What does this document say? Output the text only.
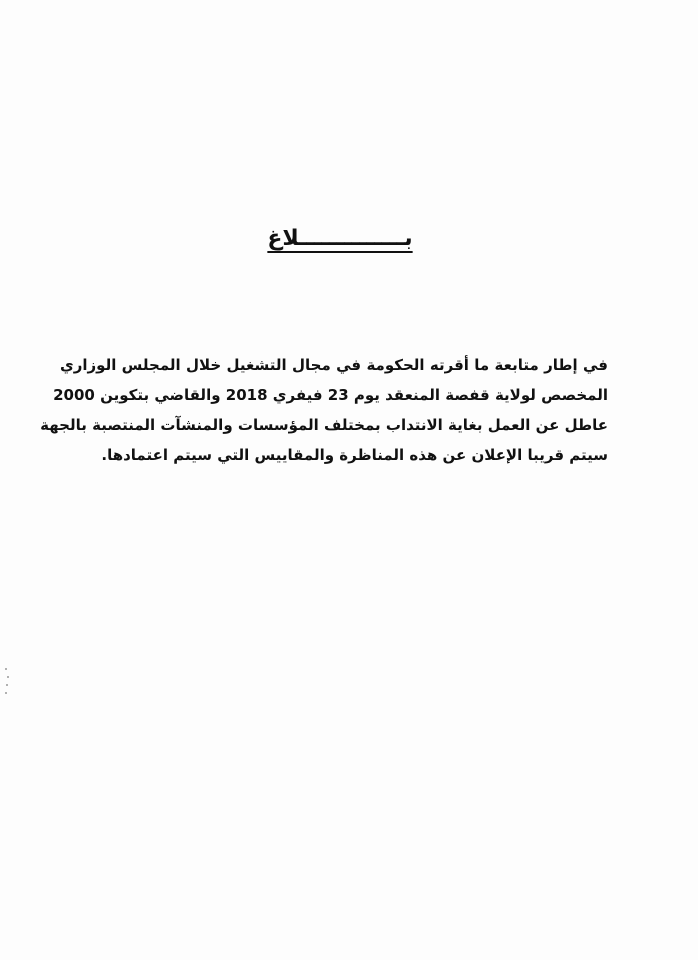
بــــــــــــــلاغ
في إطار متابعة ما أقرته الحكومة في مجال التشغيل خلال المجلس الوزاري
المخصص لولاية قفصة المنعقد يوم 23 فيفري 2018 والقاضي بتكوين 2000
عاطل عن العمل بغاية الانتداب بمختلف المؤسسات والمنشآت المنتصبة بالجهة
سيتم قريبا الإعلان عن هذه المناظرة والمقاييس التي سيتم اعتمادها.
